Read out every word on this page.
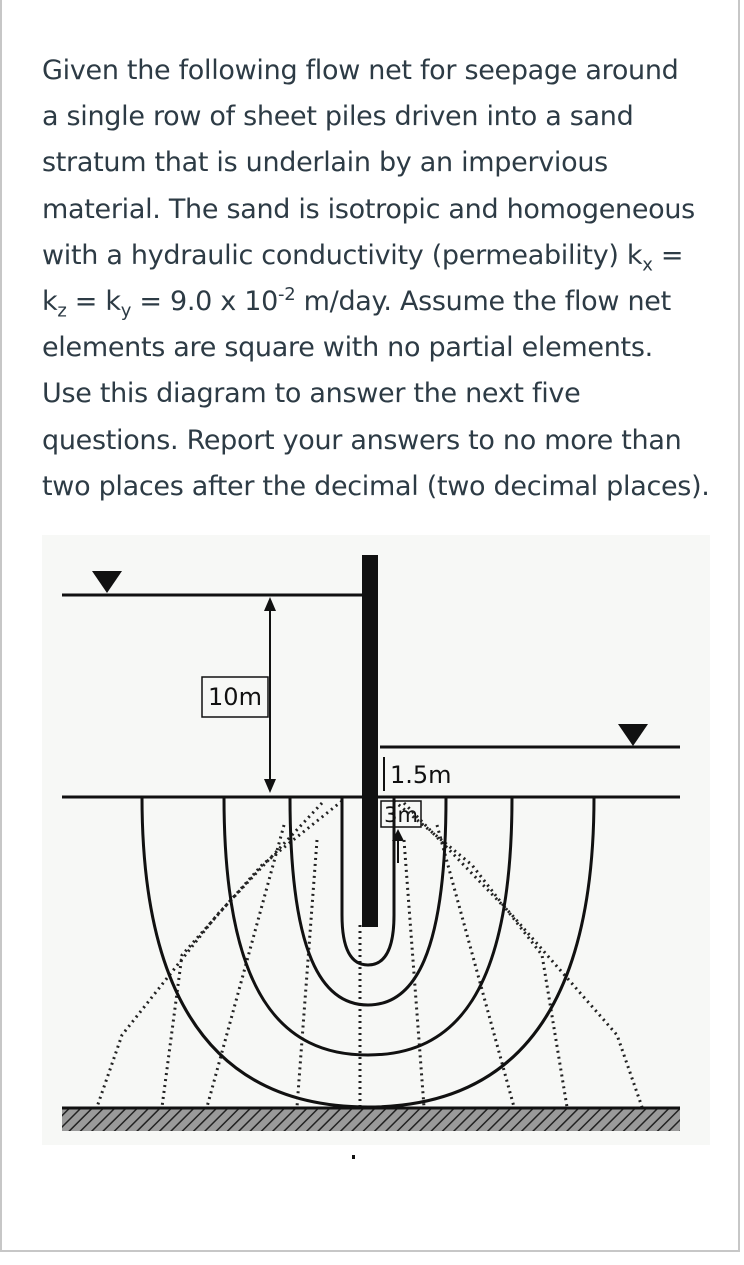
Given the following flow net for seepage around
a single row of sheet piles driven into a sand
stratum that is underlain by an impervious
material. The sand is isotropic and homogeneous
with a hydraulic conductivity (permeability) $k_x$ =
$k_z = k_y = 9.0$ x $10^{-2}$ m/day. Assume the flow net
elements are square with no partial elements.
Use this diagram to answer the next five
questions. Report your answers to no more than
two places after the decimal (two decimal places).
10m
1.5m
3m
